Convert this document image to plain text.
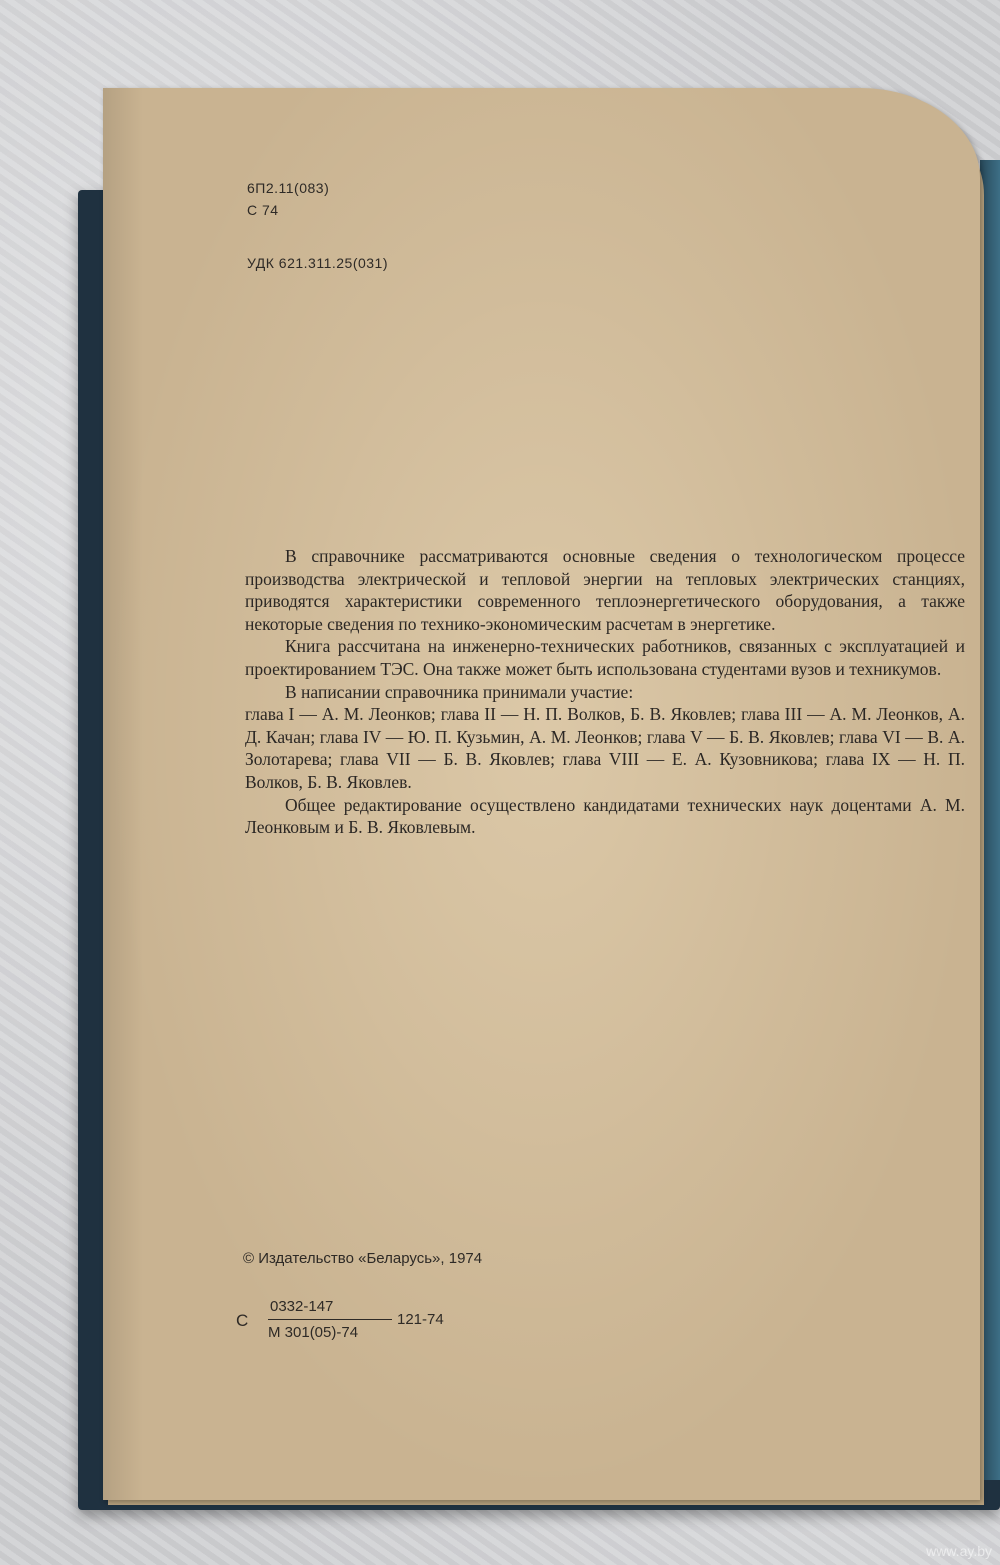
6П2.11(083)
С 74
УДК 621.311.25(031)

В справочнике рассматриваются основные сведения о технологическом процессе производства электрической и тепловой энергии на тепловых электрических станциях, приводятся характеристики современного теплоэнергетического оборудования, а также некоторые сведения по технико-экономическим расчетам в энергетике.

Книга рассчитана на инженерно-технических работников, связанных с эксплуатацией и проектированием ТЭС. Она также может быть использована студентами вузов и техникумов.

В написании справочника принимали участие:

глава I — А. М. Леонков; глава II — Н. П. Волков, Б. В. Яковлев; глава III — А. М. Леонков, А. Д. Качан; глава IV — Ю. П. Кузьмин, А. М. Леонков; глава V — Б. В. Яковлев; глава VI — В. А. Золотарева; глава VII — Б. В. Яковлев; глава VIII — Е. А. Кузовникова; глава IX — Н. П. Волков, Б. В. Яковлев.

Общее редактирование осуществлено кандидатами технических наук доцентами А. М. Леонковым и Б. В. Яковлевым.

© Издательство «Беларусь», 1974
С
0332-147
М 301(05)-74
121-74
www.ay.by
